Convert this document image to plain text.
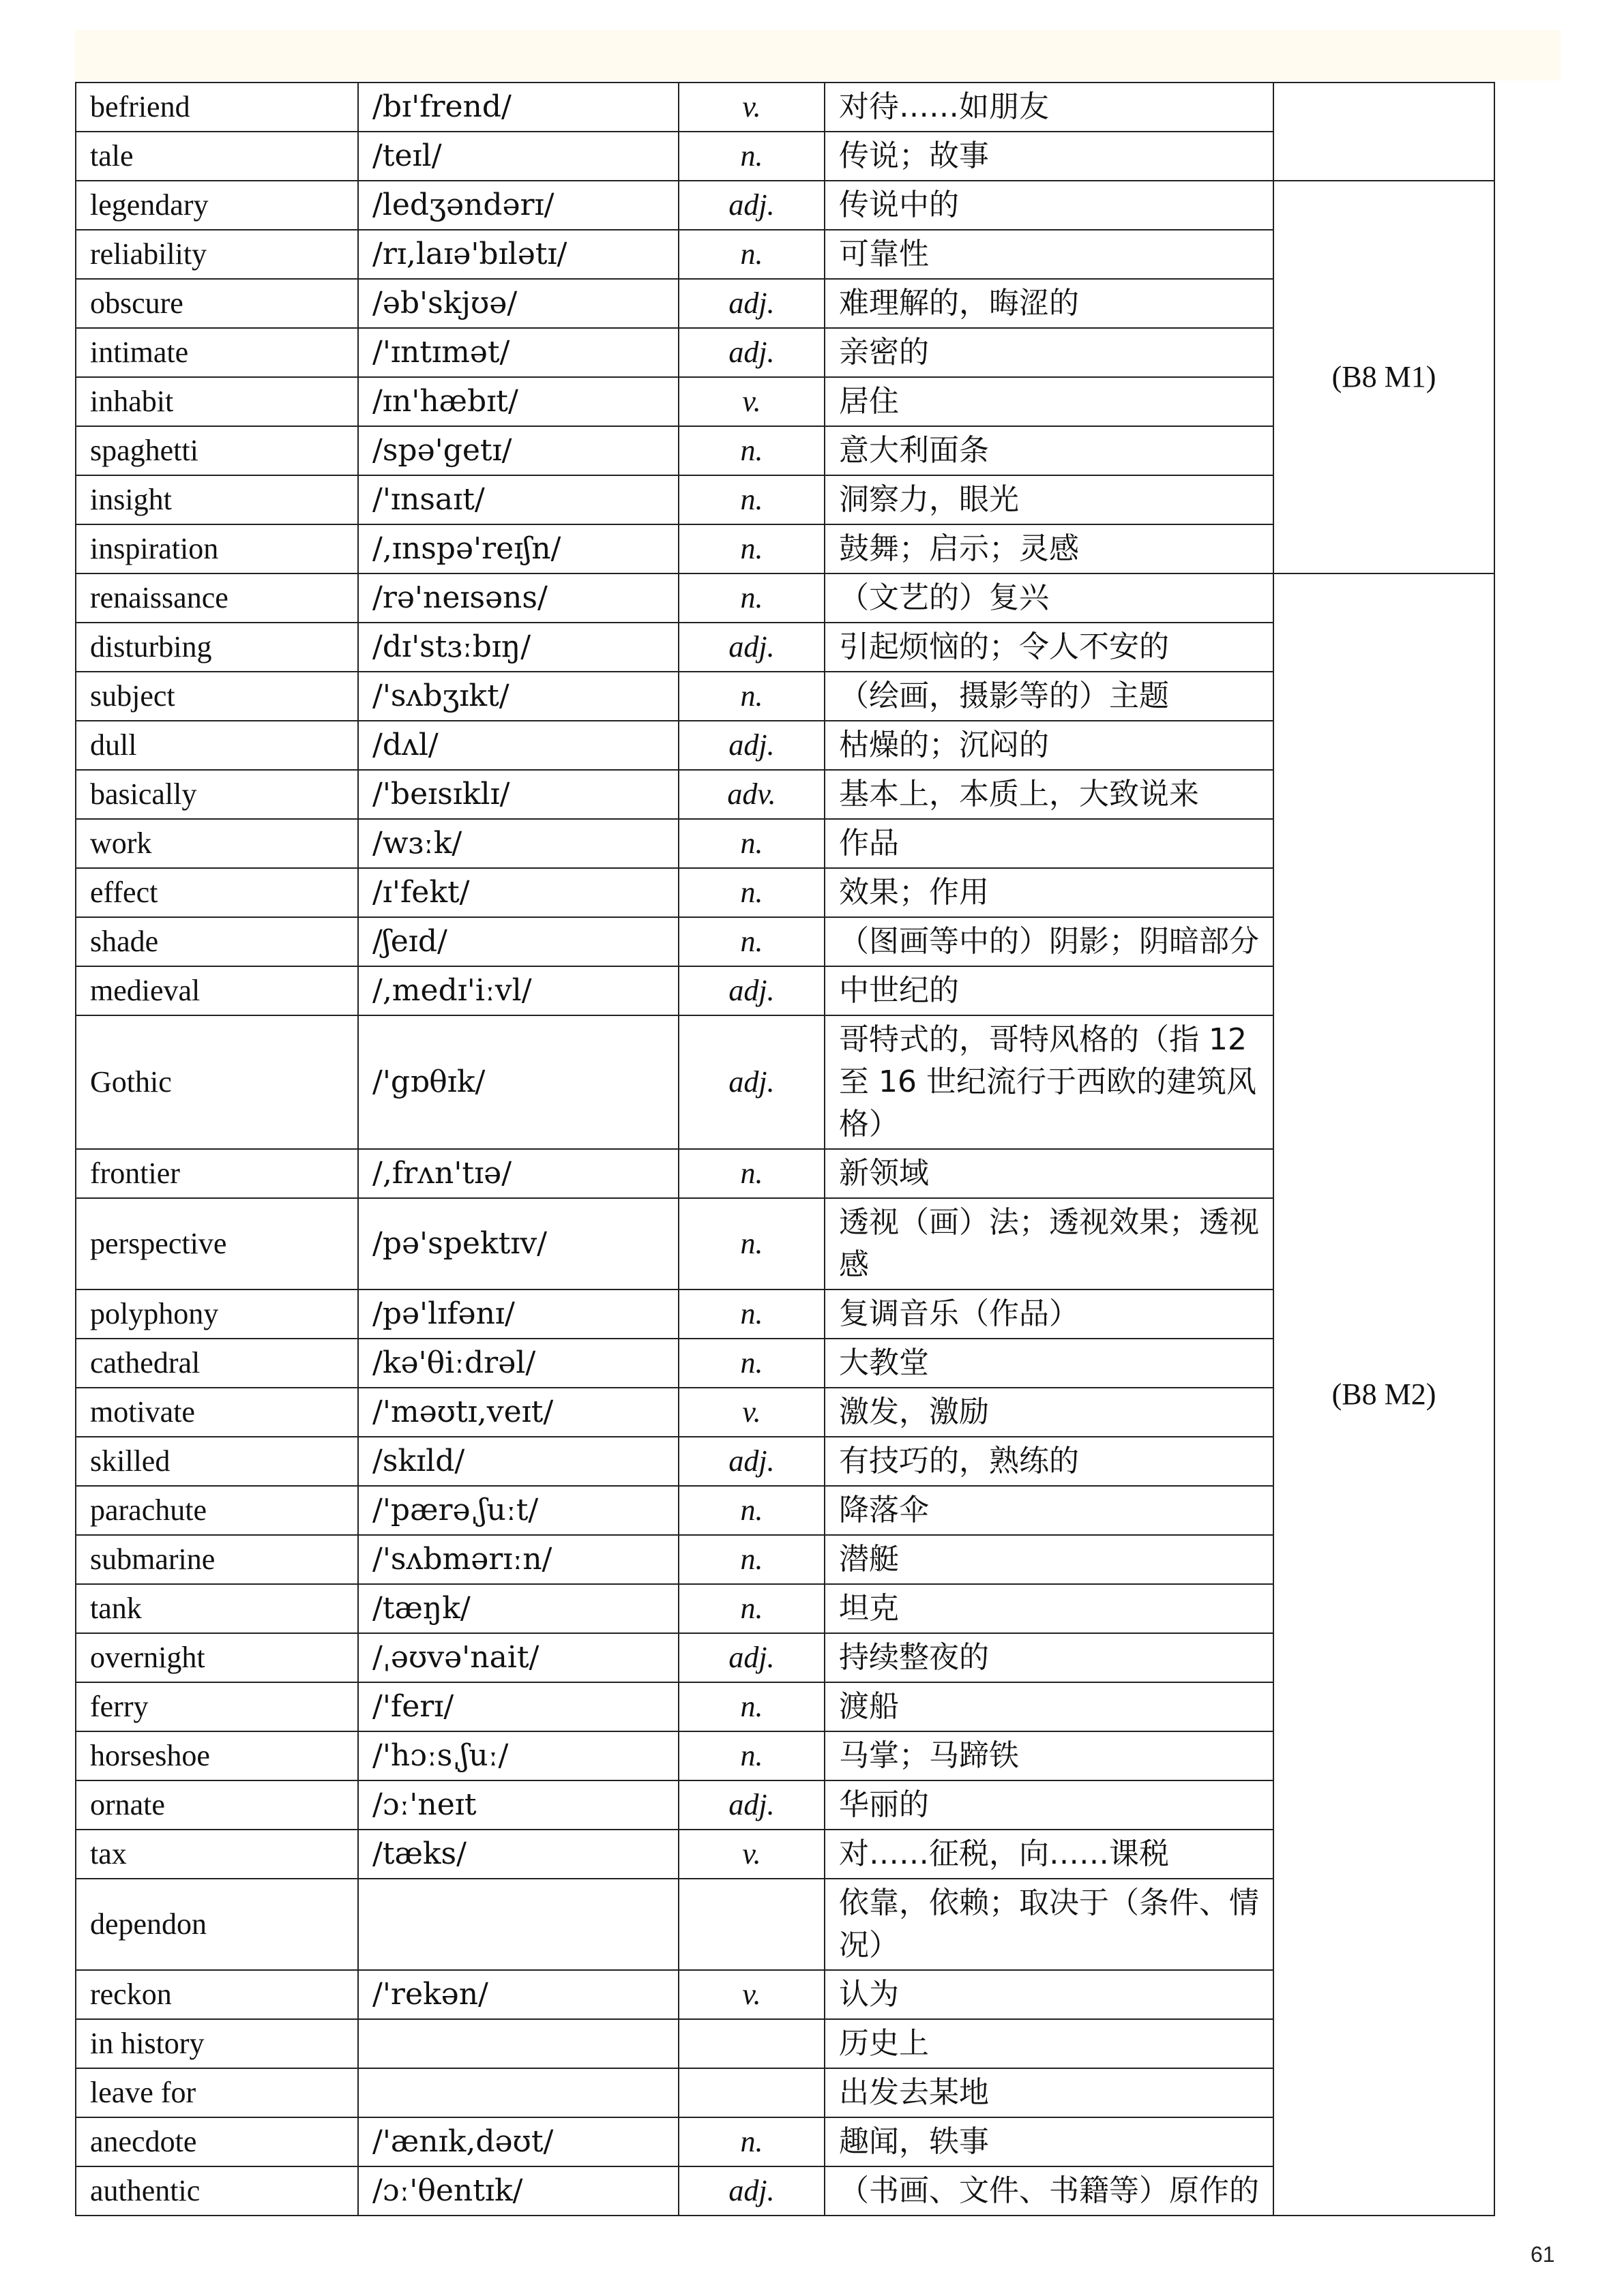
befriend	/bɪ'frend/	v.	对待……如朋友	
tale	/teɪl/	n.	传说；故事	
legendary	/ledʒəndərɪ/	adj.	传说中的	(B8 M1)
reliability	/rɪ,laɪə'bɪlətɪ/	n.	可靠性	
obscure	/əb'skjʊə/	adj.	难理解的，晦涩的	
intimate	/'ɪntɪmət/	adj.	亲密的	
inhabit	/ɪn'hæbɪt/	v.	居住	
spaghetti	/spə'getɪ/	n.	意大利面条	
insight	/'ɪnsaɪt/	n.	洞察力，眼光	
inspiration	/,ɪnspə'reɪʃn/	n.	鼓舞；启示；灵感	
renaissance	/rə'neɪsəns/	n.	（文艺的）复兴	(B8 M2)
disturbing	/dɪ'stɜːbɪŋ/	adj.	引起烦恼的；令人不安的	
subject	/'sʌbʒɪkt/	n.	（绘画，摄影等的）主题	
dull	/dʌl/	adj.	枯燥的；沉闷的	
basically	/'beɪsɪklɪ/	adv.	基本上，本质上，大致说来	
work	/wɜːk/	n.	作品	
effect	/ɪ'fekt/	n.	效果；作用	
shade	/ʃeɪd/	n.	（图画等中的）阴影；阴暗部分	
medieval	/,medɪ'iːvl/	adj.	中世纪的	
Gothic	/'gɒθɪk/	adj.	哥特式的，哥特风格的（指 12 至 16 世纪流行于西欧的建筑风格）	
frontier	/,frʌn'tɪə/	n.	新领域	
perspective	/pə'spektɪv/	n.	透视（画）法；透视效果；透视感	
polyphony	/pə'lɪfənɪ/	n.	复调音乐（作品）	
cathedral	/kə'θiːdrəl/	n.	大教堂	
motivate	/'məʊtɪ,veɪt/	v.	激发，激励	
skilled	/skɪld/	adj.	有技巧的，熟练的	
parachute	/'pærəˌʃuːt/	n.	降落伞	
submarine	/'sʌbmərɪːn/	n.	潜艇	
tank	/tæŋk/	n.	坦克	
overnight	/ˌəʊvə'nait/	adj.	持续整夜的	
ferry	/'ferɪ/	n.	渡船	
horseshoe	/'hɔːsˌʃuː/	n.	马掌；马蹄铁	
ornate	/ɔː'neɪt	adj.	华丽的	
tax	/tæks/	v.	对……征税，向……课税	
dependon			依靠，依赖；取决于（条件、情况）	
reckon	/'rekən/	v.	认为	
in history			历史上	
leave for			出发去某地	
anecdote	/'ænɪk,dəʊt/	n.	趣闻，轶事	
authentic	/ɔː'θentɪk/	adj.	（书画、文件、书籍等）原作的	
61
